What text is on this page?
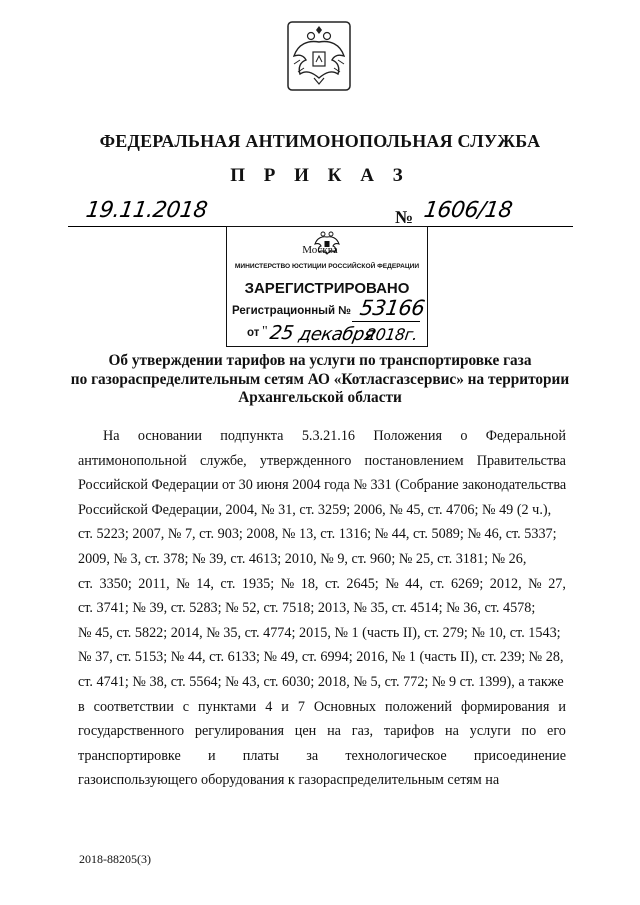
ФЕДЕРАЛЬНАЯ АНТИМОНОПОЛЬНАЯ СЛУЖБА
П Р И К А З
19.11.2018	№ 1606/18
Москва
МИНИСТЕРСТВО ЮСТИЦИИ РОССИЙСКОЙ ФЕДЕРАЦИИ
ЗАРЕГИСТРИРОВАНО
Регистрационный № 53166
от " 25 декабря
2018г.
Об утверждении тарифов на услуги по транспортировке газа
по газораспределительным сетям АО «Котласгазсервис» на территории
Архангельской области
На основании подпункта 5.3.21.16 Положения о Федеральной
антимонопольной службе, утвержденного постановлением Правительства
Российской Федерации от 30 июня 2004 года № 331 (Собрание законодательства
Российской Федерации, 2004, № 31, ст. 3259; 2006, № 45, ст. 4706; № 49 (2 ч.),
ст. 5223; 2007, № 7, ст. 903; 2008, № 13, ст. 1316; № 44, ст. 5089; № 46, ст. 5337;
2009, № 3, ст. 378; № 39, ст. 4613; 2010, № 9, ст. 960; № 25, ст. 3181; № 26,
ст. 3350; 2011, № 14, ст. 1935; № 18, ст. 2645; № 44, ст. 6269; 2012, № 27,
ст. 3741; № 39, ст. 5283; № 52, ст. 7518; 2013, № 35, ст. 4514; № 36, ст. 4578;
№ 45, ст. 5822; 2014, № 35, ст. 4774; 2015, № 1 (часть II), ст. 279; № 10, ст. 1543;
№ 37, ст. 5153; № 44, ст. 6133; № 49, ст. 6994; 2016, № 1 (часть II), ст. 239; № 28,
ст. 4741; № 38, ст. 5564; № 43, ст. 6030; 2018, № 5, ст. 772; № 9 ст. 1399), а также
в соответствии с пунктами 4 и 7 Основных положений формирования и
государственного регулирования цен на газ, тарифов на услуги по его
транспортировке и платы за технологическое присоединение
газоиспользующего оборудования к газораспределительным сетям на
2018-88205(3)
